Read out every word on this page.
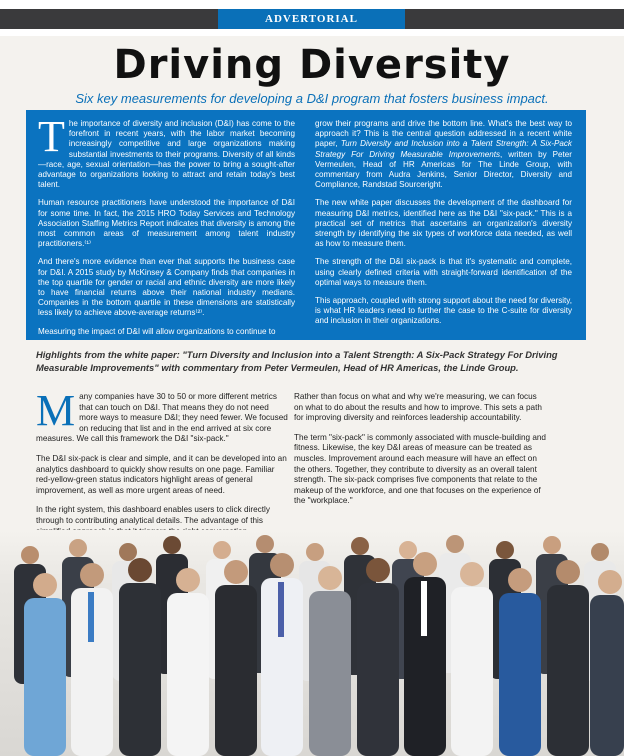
ADVERTORIAL
Driving Diversity
Six key measurements for developing a D&I program that fosters business impact.

The importance of diversity and inclusion (D&I) has come to the forefront in recent years, with the labor market becoming increasingly competitive and large organizations making substantial investments to their programs. Diversity of all kinds—race, age, sexual orientation—has the power to bring a sought-after advantage to organizations looking to attract and retain today's best talent.

Human resource practitioners have understood the importance of D&I for some time. In fact, the 2015 HRO Today Services and Technology Association Staffing Metrics Report indicates that diversity is among the most common areas of measurement among talent industry practitioners.⁽¹⁾

And there's more evidence than ever that supports the business case for D&I. A 2015 study by McKinsey & Company finds that companies in the top quartile for gender or racial and ethnic diversity are more likely to have financial returns above their national industry medians. Companies in the bottom quartile in these dimensions are statistically less likely to achieve above-average returns⁽²⁾.

Measuring the impact of D&I will allow organizations to continue to

grow their programs and drive the bottom line. What's the best way to approach it? This is the central question addressed in a recent white paper, Turn Diversity and Inclusion into a Talent Strength: A Six-Pack Strategy For Driving Measurable Improvements, written by Peter Vermeulen, Head of HR Americas for The Linde Group, with commentary from Audra Jenkins, Senior Director, Diversity and Compliance, Randstad Sourceright.

The new white paper discusses the development of the dashboard for measuring D&I metrics, identified here as the D&I "six-pack." This is a practical set of metrics that ascertains an organization's diversity strength by identifying the six types of workforce data needed, as well as how to measure them.

The strength of the D&I six-pack is that it's systematic and complete, using clearly defined criteria with straight-forward identification of the optimal ways to measure them.

This approach, coupled with strong support about the need for diversity, is what HR leaders need to further the case to the C-suite for diversity and inclusion in their organizations.

Highlights from the white paper: "Turn Diversity and Inclusion into a Talent Strength: A Six-Pack Strategy For Driving Measurable Improvements" with commentary from Peter Vermeulen, Head of HR Americas, the Linde Group.

Many companies have 30 to 50 or more different metrics that can touch on D&I. That means they do not need more ways to measure D&I; they need fewer. We focused on reducing that list and in the end arrived at six core measures. We call this framework the D&I "six-pack."

The D&I six-pack is clear and simple, and it can be developed into an analytics dashboard to quickly show results on one page. Familiar red-yellow-green status indicators highlight areas of general improvement, as well as more urgent areas of need.

In the right system, this dashboard enables users to click directly through to contributing analytical details. The advantage of this

Rather than focus on what and why we're measuring, we can focus on what to do about the results and how to improve. This sets a path for improving diversity and reinforces leadership accountability.

The term "six-pack" is commonly associated with muscle-building and fitness. Likewise, the key D&I areas of measure can be treated as muscles. Improvement around each measure will have an effect on the others. Together, they contribute to diversity as an overall talent strength. The six-pack comprises five components that relate to the makeup of the workforce, and one that focuses on the experience of the "workplace."
